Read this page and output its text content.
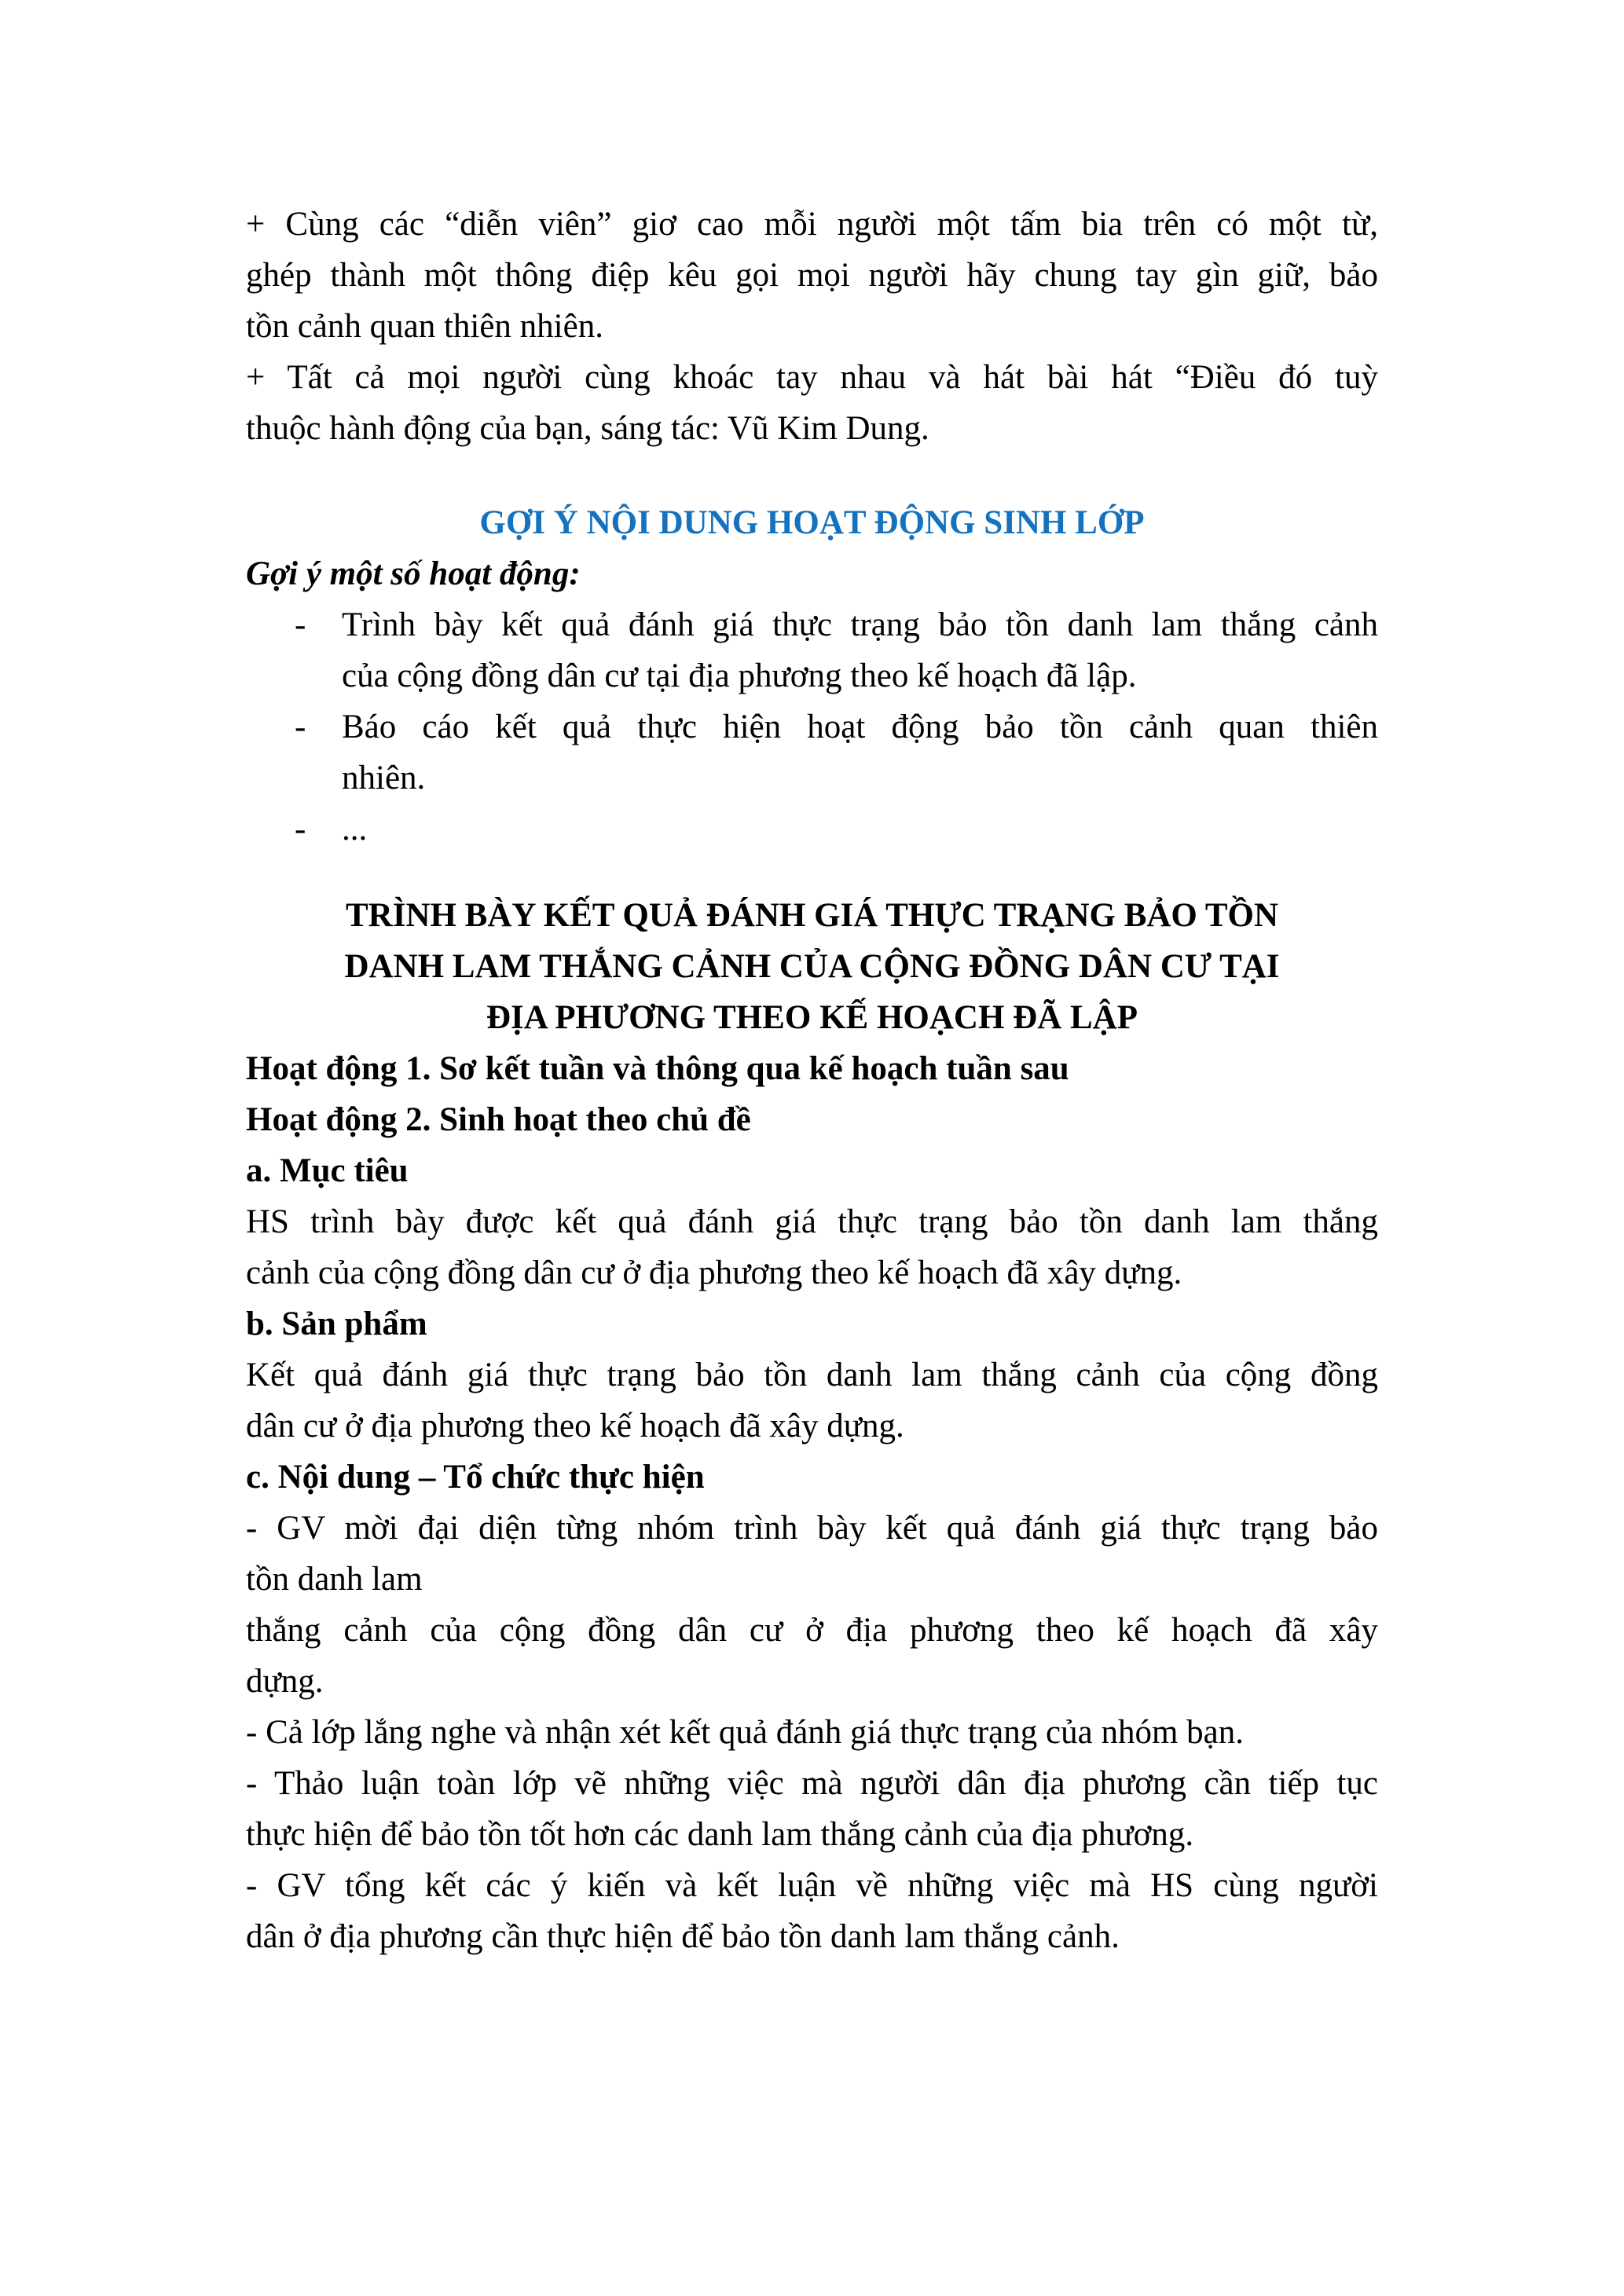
+ Cùng các “diễn viên” giơ cao mỗi người một tấm bia trên có một từ,
ghép thành một thông điệp kêu gọi mọi người hãy chung tay gìn giữ, bảo
tồn cảnh quan thiên nhiên.
+ Tất cả mọi người cùng khoác tay nhau và hát bài hát “Điều đó tuỳ
thuộc hành động của bạn, sáng tác: Vũ Kim Dung.
GỢI Ý NỘI DUNG HOẠT ĐỘNG SINH LỚP
Gợi ý một số hoạt động:
- Trình bày kết quả đánh giá thực trạng bảo tồn danh lam thắng cảnh
của cộng đồng dân cư tại địa phương theo kế hoạch đã lập.
- Báo cáo kết quả thực hiện hoạt động bảo tồn cảnh quan thiên
nhiên.
- ...
TRÌNH BÀY KẾT QUẢ ĐÁNH GIÁ THỰC TRẠNG BẢO TỒN
DANH LAM THẮNG CẢNH CỦA CỘNG ĐỒNG DÂN CƯ TẠI
ĐỊA PHƯƠNG THEO KẾ HOẠCH ĐÃ LẬP
Hoạt động 1. Sơ kết tuần và thông qua kế hoạch tuần sau
Hoạt động 2. Sinh hoạt theo chủ đề
a. Mục tiêu
HS trình bày được kết quả đánh giá thực trạng bảo tồn danh lam thắng
cảnh của cộng đồng dân cư ở địa phương theo kế hoạch đã xây dựng.
b. Sản phẩm
Kết quả đánh giá thực trạng bảo tồn danh lam thắng cảnh của cộng đồng
dân cư ở địa phương theo kế hoạch đã xây dựng.
c. Nội dung – Tổ chức thực hiện
- GV mời đại diện từng nhóm trình bày kết quả đánh giá thực trạng bảo
tồn danh lam
thắng cảnh của cộng đồng dân cư ở địa phương theo kế hoạch đã xây
dựng.
- Cả lớp lắng nghe và nhận xét kết quả đánh giá thực trạng của nhóm bạn.
- Thảo luận toàn lớp vẽ những việc mà người dân địa phương cần tiếp tục
thực hiện để bảo tồn tốt hơn các danh lam thắng cảnh của địa phương.
- GV tổng kết các ý kiến và kết luận về những việc mà HS cùng người
dân ở địa phương cần thực hiện để bảo tồn danh lam thắng cảnh.
